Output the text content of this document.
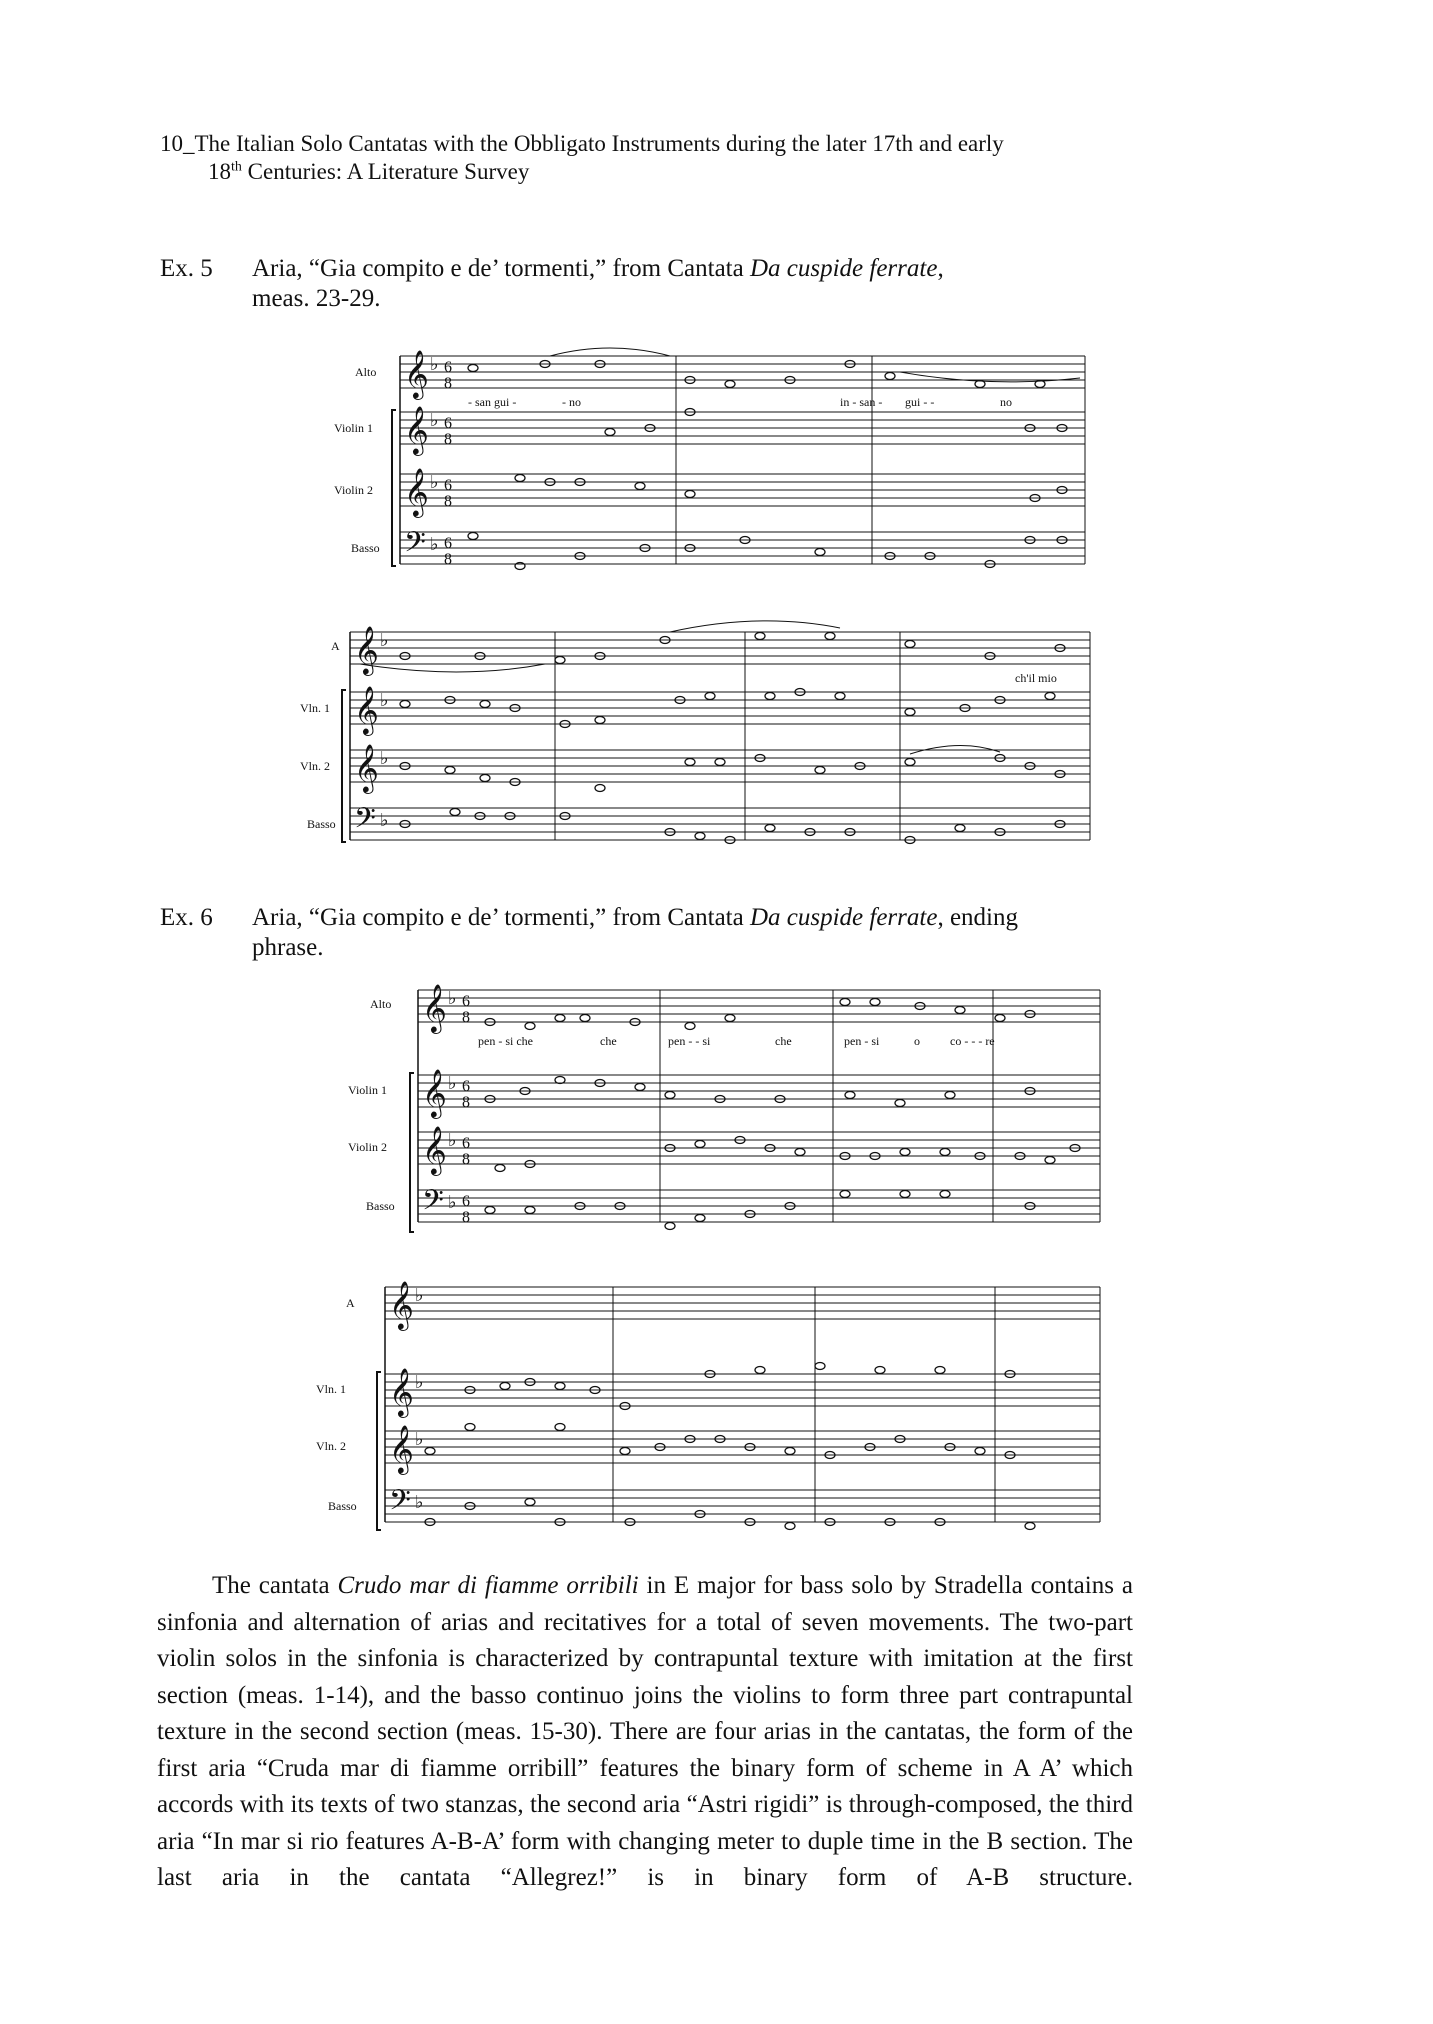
10_The Italian Solo Cantatas with the Obbligato Instruments during the later 17th and early
18th Centuries: A Literature Survey
Ex. 5 Aria, “Gia compito e de’ tormenti,” from Cantata Da cuspide ferrate,
meas. 23-29.
𝄞
𝄞
𝄞
𝄢
♭ 6
8
♭ 6
8
♭ 6
8
♭ 6
8
Alto
Violin 1
Violin 2
Basso
- san gui -	- no	in - san - gui - -	no
𝄞
𝄞
𝄞
𝄢
♭
♭
♭
♭
A
Vln. 1
Vln. 2
Basso
ch'il mio
Ex. 6 Aria, “Gia compito e de’ tormenti,” from Cantata Da cuspide ferrate, ending
phrase.
𝄞
𝄞
𝄞
𝄢
♭ 6
8
♭ 6
8
♭ 6
8
♭ 6
8
Alto
Violin 1
Violin 2
Basso
pen - si che	che	pen - - si	che	pen - si	o	co - - - re
𝄞
𝄞
𝄞
𝄢
♭
♭
♭
♭
A
Vln. 1
Vln. 2
Basso
The cantata Crudo mar di fiamme orribili in E major for bass solo by Stradella contains a sinfonia and alternation of arias and recitatives for a total of seven movements. The two-part violin solos in the sinfonia is characterized by contrapuntal texture with imitation at the first section (meas. 1-14), and the basso continuo joins the violins to form three part contrapuntal texture in the second section (meas. 15-30). There are four arias in the cantatas, the form of the first aria “Cruda mar di fiamme orribill” features the binary form of scheme in A A’ which accords with its texts of two stanzas, the second aria “Astri rigidi” is through-composed, the third aria “In mar si rio features A-B-A’ form with changing meter to duple time in the B section. The last aria in the cantata “Allegrez!” is in binary form of A-B structure.
